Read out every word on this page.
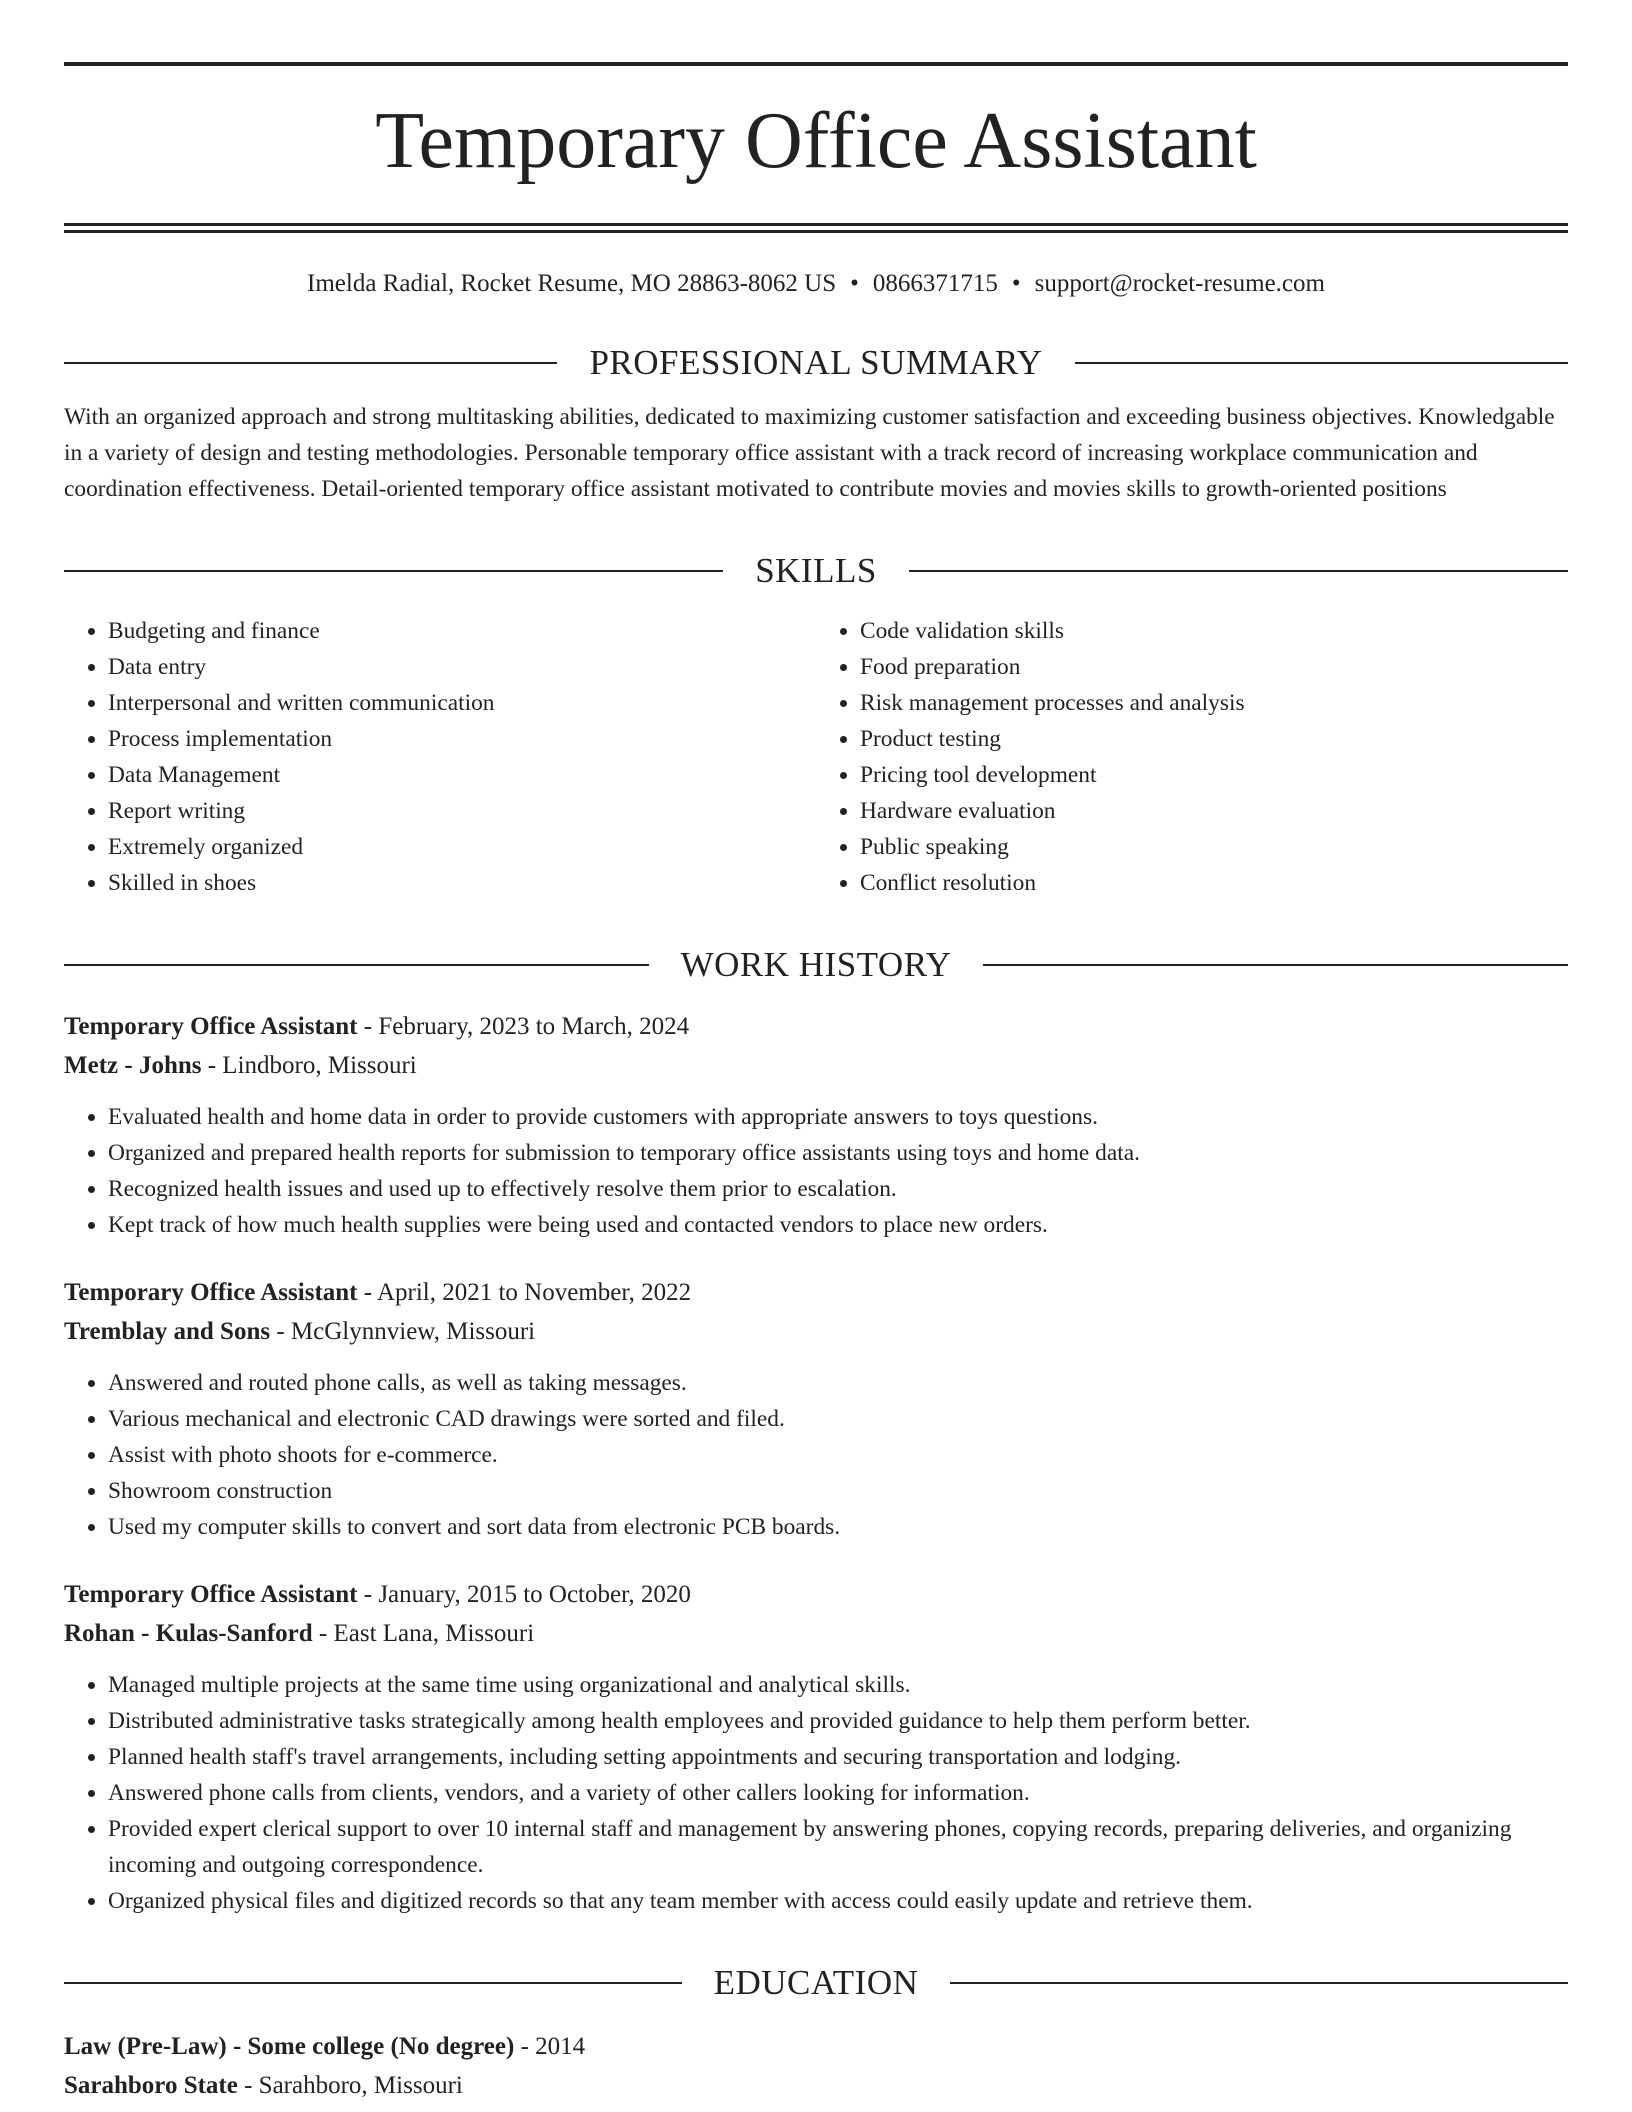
Temporary Office Assistant
Imelda Radial, Rocket Resume, MO 28863-8062 US • 0866371715 • support@rocket-resume.com
PROFESSIONAL SUMMARY
With an organized approach and strong multitasking abilities, dedicated to maximizing customer satisfaction and exceeding business objectives. Knowledgable in a variety of design and testing methodologies. Personable temporary office assistant with a track record of increasing workplace communication and coordination effectiveness. Detail-oriented temporary office assistant motivated to contribute movies and movies skills to growth-oriented positions
SKILLS
• Budgeting and finance
• Data entry
• Interpersonal and written communication
• Process implementation
• Data Management
• Report writing
• Extremely organized
• Skilled in shoes
• Code validation skills
• Food preparation
• Risk management processes and analysis
• Product testing
• Pricing tool development
• Hardware evaluation
• Public speaking
• Conflict resolution
WORK HISTORY
Temporary Office Assistant - February, 2023 to March, 2024
Metz - Johns - Lindboro, Missouri
• Evaluated health and home data in order to provide customers with appropriate answers to toys questions.
• Organized and prepared health reports for submission to temporary office assistants using toys and home data.
• Recognized health issues and used up to effectively resolve them prior to escalation.
• Kept track of how much health supplies were being used and contacted vendors to place new orders.
Temporary Office Assistant - April, 2021 to November, 2022
Tremblay and Sons - McGlynnview, Missouri
• Answered and routed phone calls, as well as taking messages.
• Various mechanical and electronic CAD drawings were sorted and filed.
• Assist with photo shoots for e-commerce.
• Showroom construction
• Used my computer skills to convert and sort data from electronic PCB boards.
Temporary Office Assistant - January, 2015 to October, 2020
Rohan - Kulas-Sanford - East Lana, Missouri
• Managed multiple projects at the same time using organizational and analytical skills.
• Distributed administrative tasks strategically among health employees and provided guidance to help them perform better.
• Planned health staff's travel arrangements, including setting appointments and securing transportation and lodging.
• Answered phone calls from clients, vendors, and a variety of other callers looking for information.
• Provided expert clerical support to over 10 internal staff and management by answering phones, copying records, preparing deliveries, and organizing incoming and outgoing correspondence.
• Organized physical files and digitized records so that any team member with access could easily update and retrieve them.
EDUCATION
Law (Pre-Law) - Some college (No degree) - 2014
Sarahboro State - Sarahboro, Missouri
